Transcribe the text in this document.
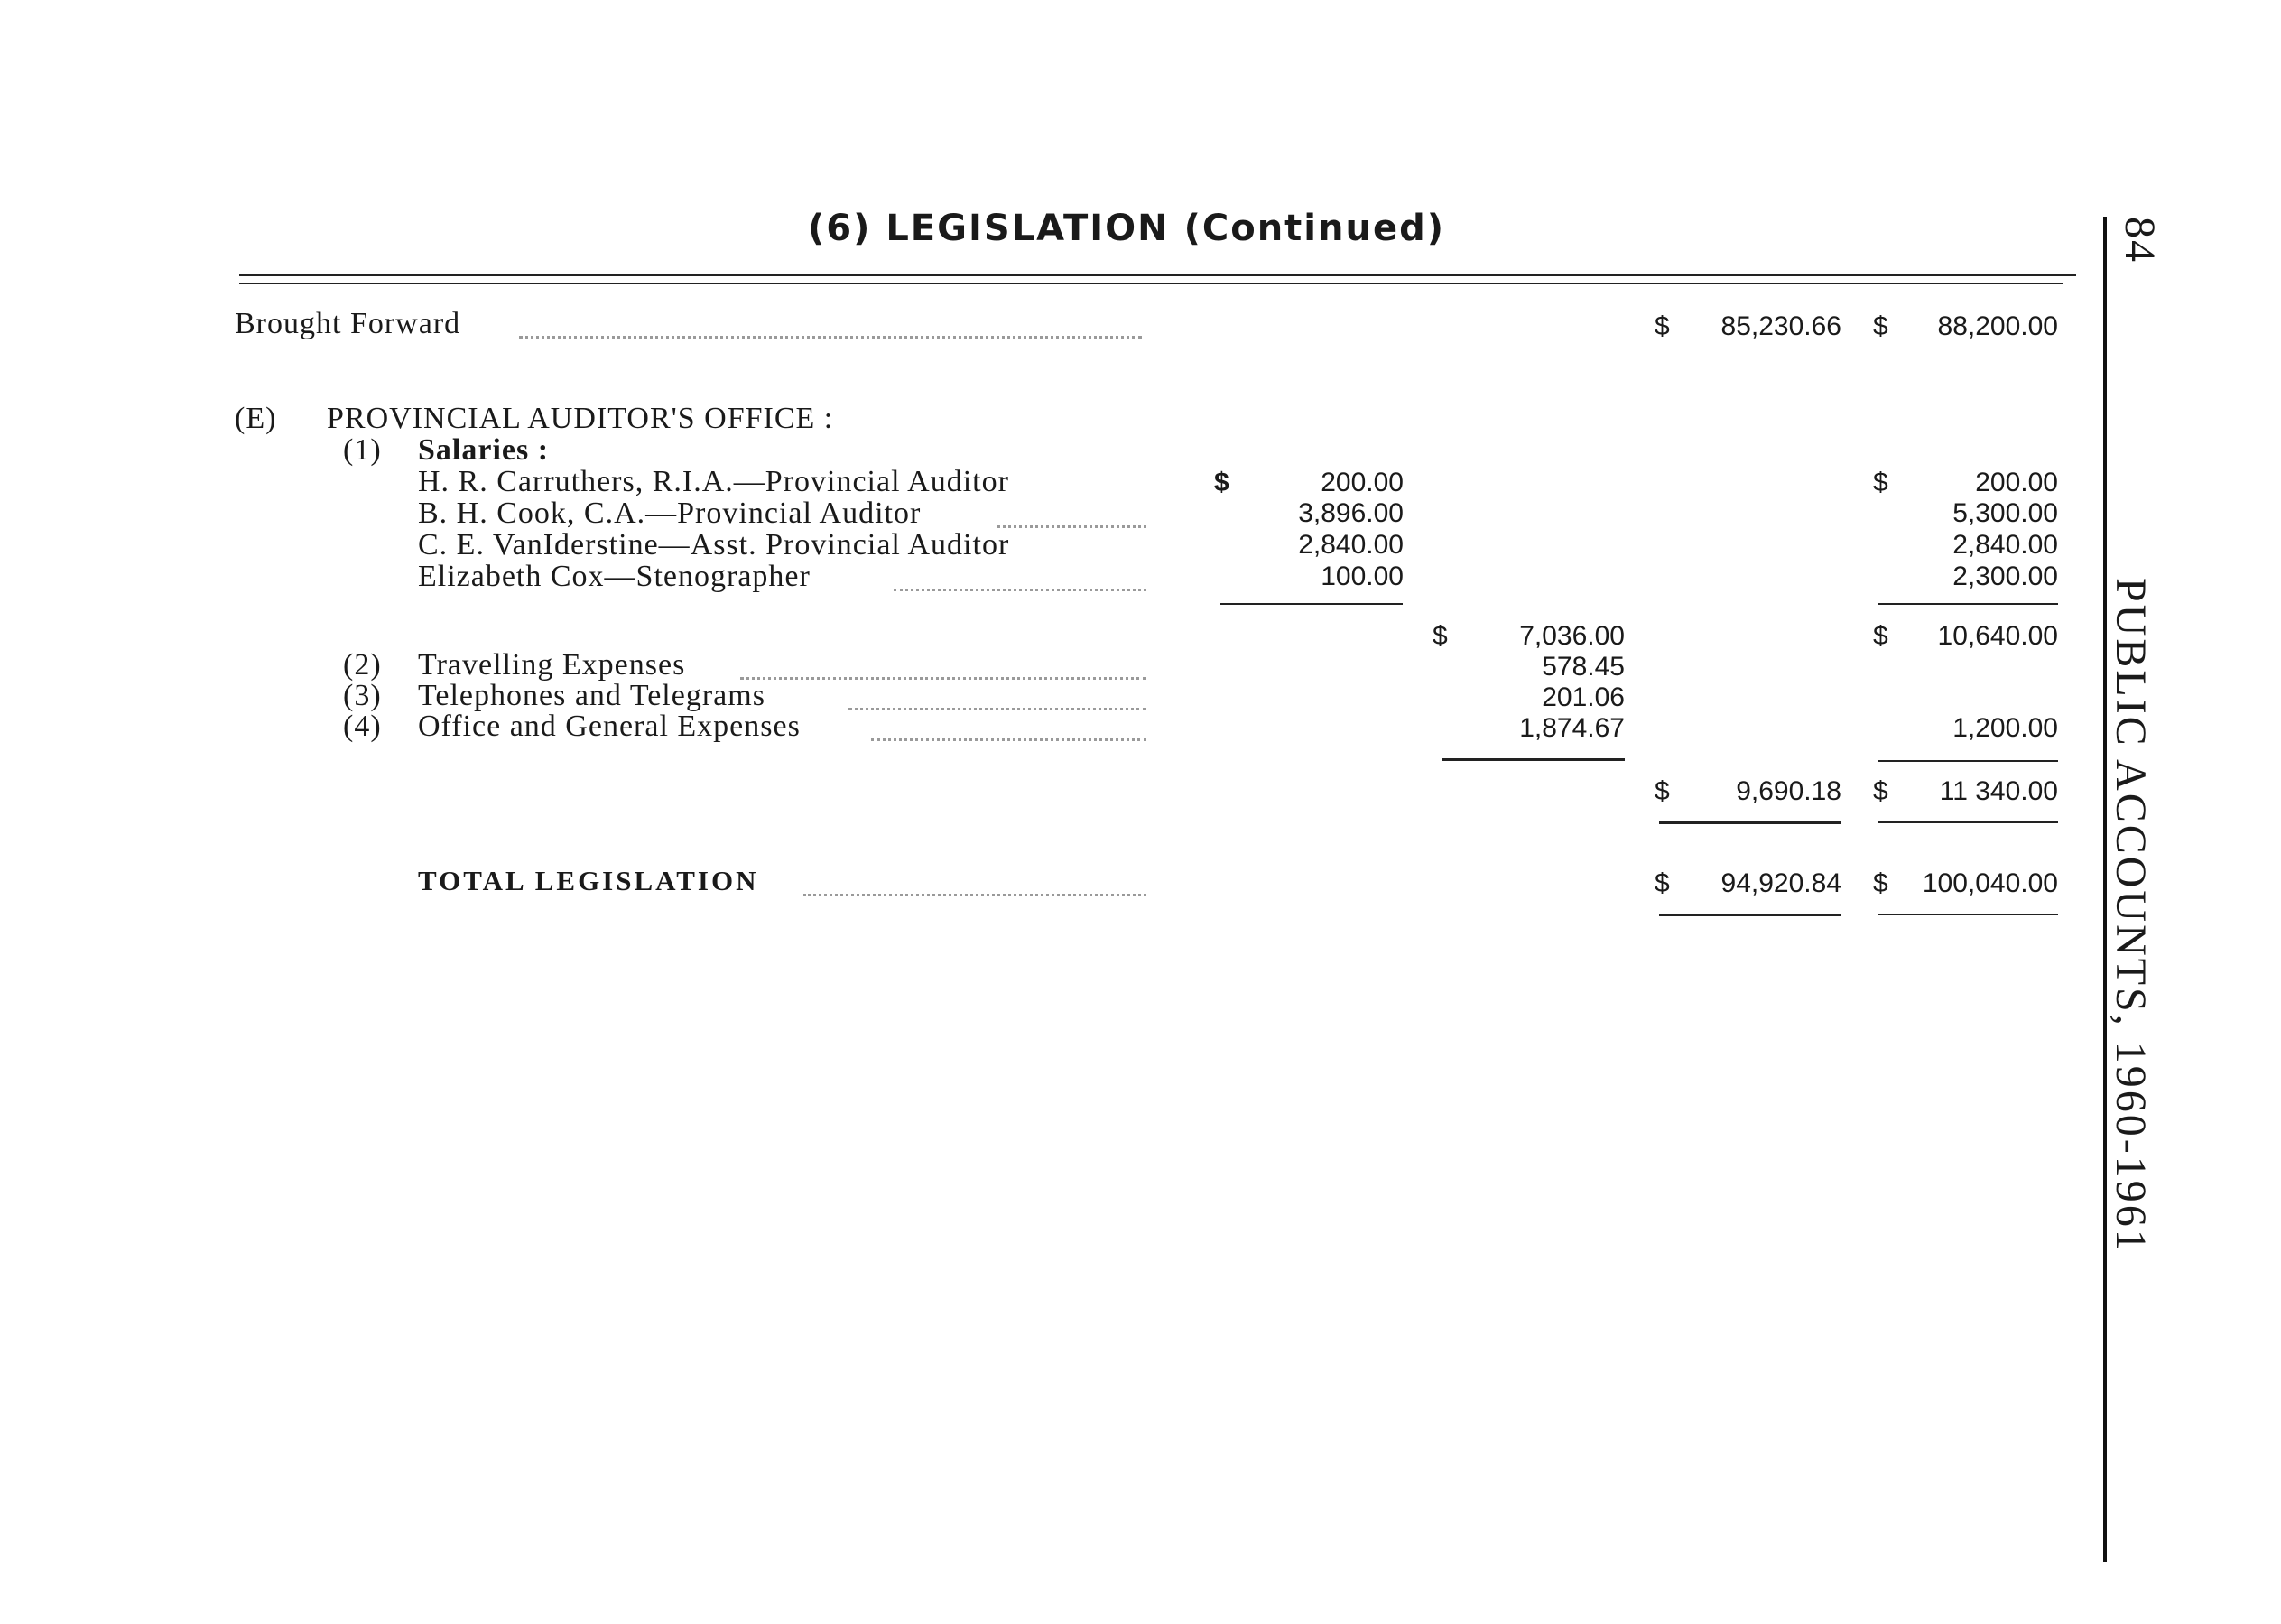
(6) LEGISLATION (Continued)	84
PUBLIC ACCOUNTS, 1960-1961
Brought Forward	$	85,230.66 $	88,200.00
(E) PROVINCIAL AUDITOR'S OFFICE :
(1) Salaries :
H. R. Carruthers, R.I.A.—Provincial Auditor	$	200.00	$	200.00
B. H. Cook, C.A.—Provincial Auditor	3,896.00	5,300.00
C. E. VanIderstine—Asst. Provincial Auditor	2,840.00	2,840.00
Elizabeth Cox—Stenographer	100.00	2,300.00
$	7,036.00	$	10,640.00
(2) Travelling Expenses	578.45
(3) Telephones and Telegrams	201.06
(4) Office and General Expenses	1,874.67	1,200.00
$	9,690.18 $	11 340.00
TOTAL LEGISLATION	$	94,920.84 $	100,040.00
